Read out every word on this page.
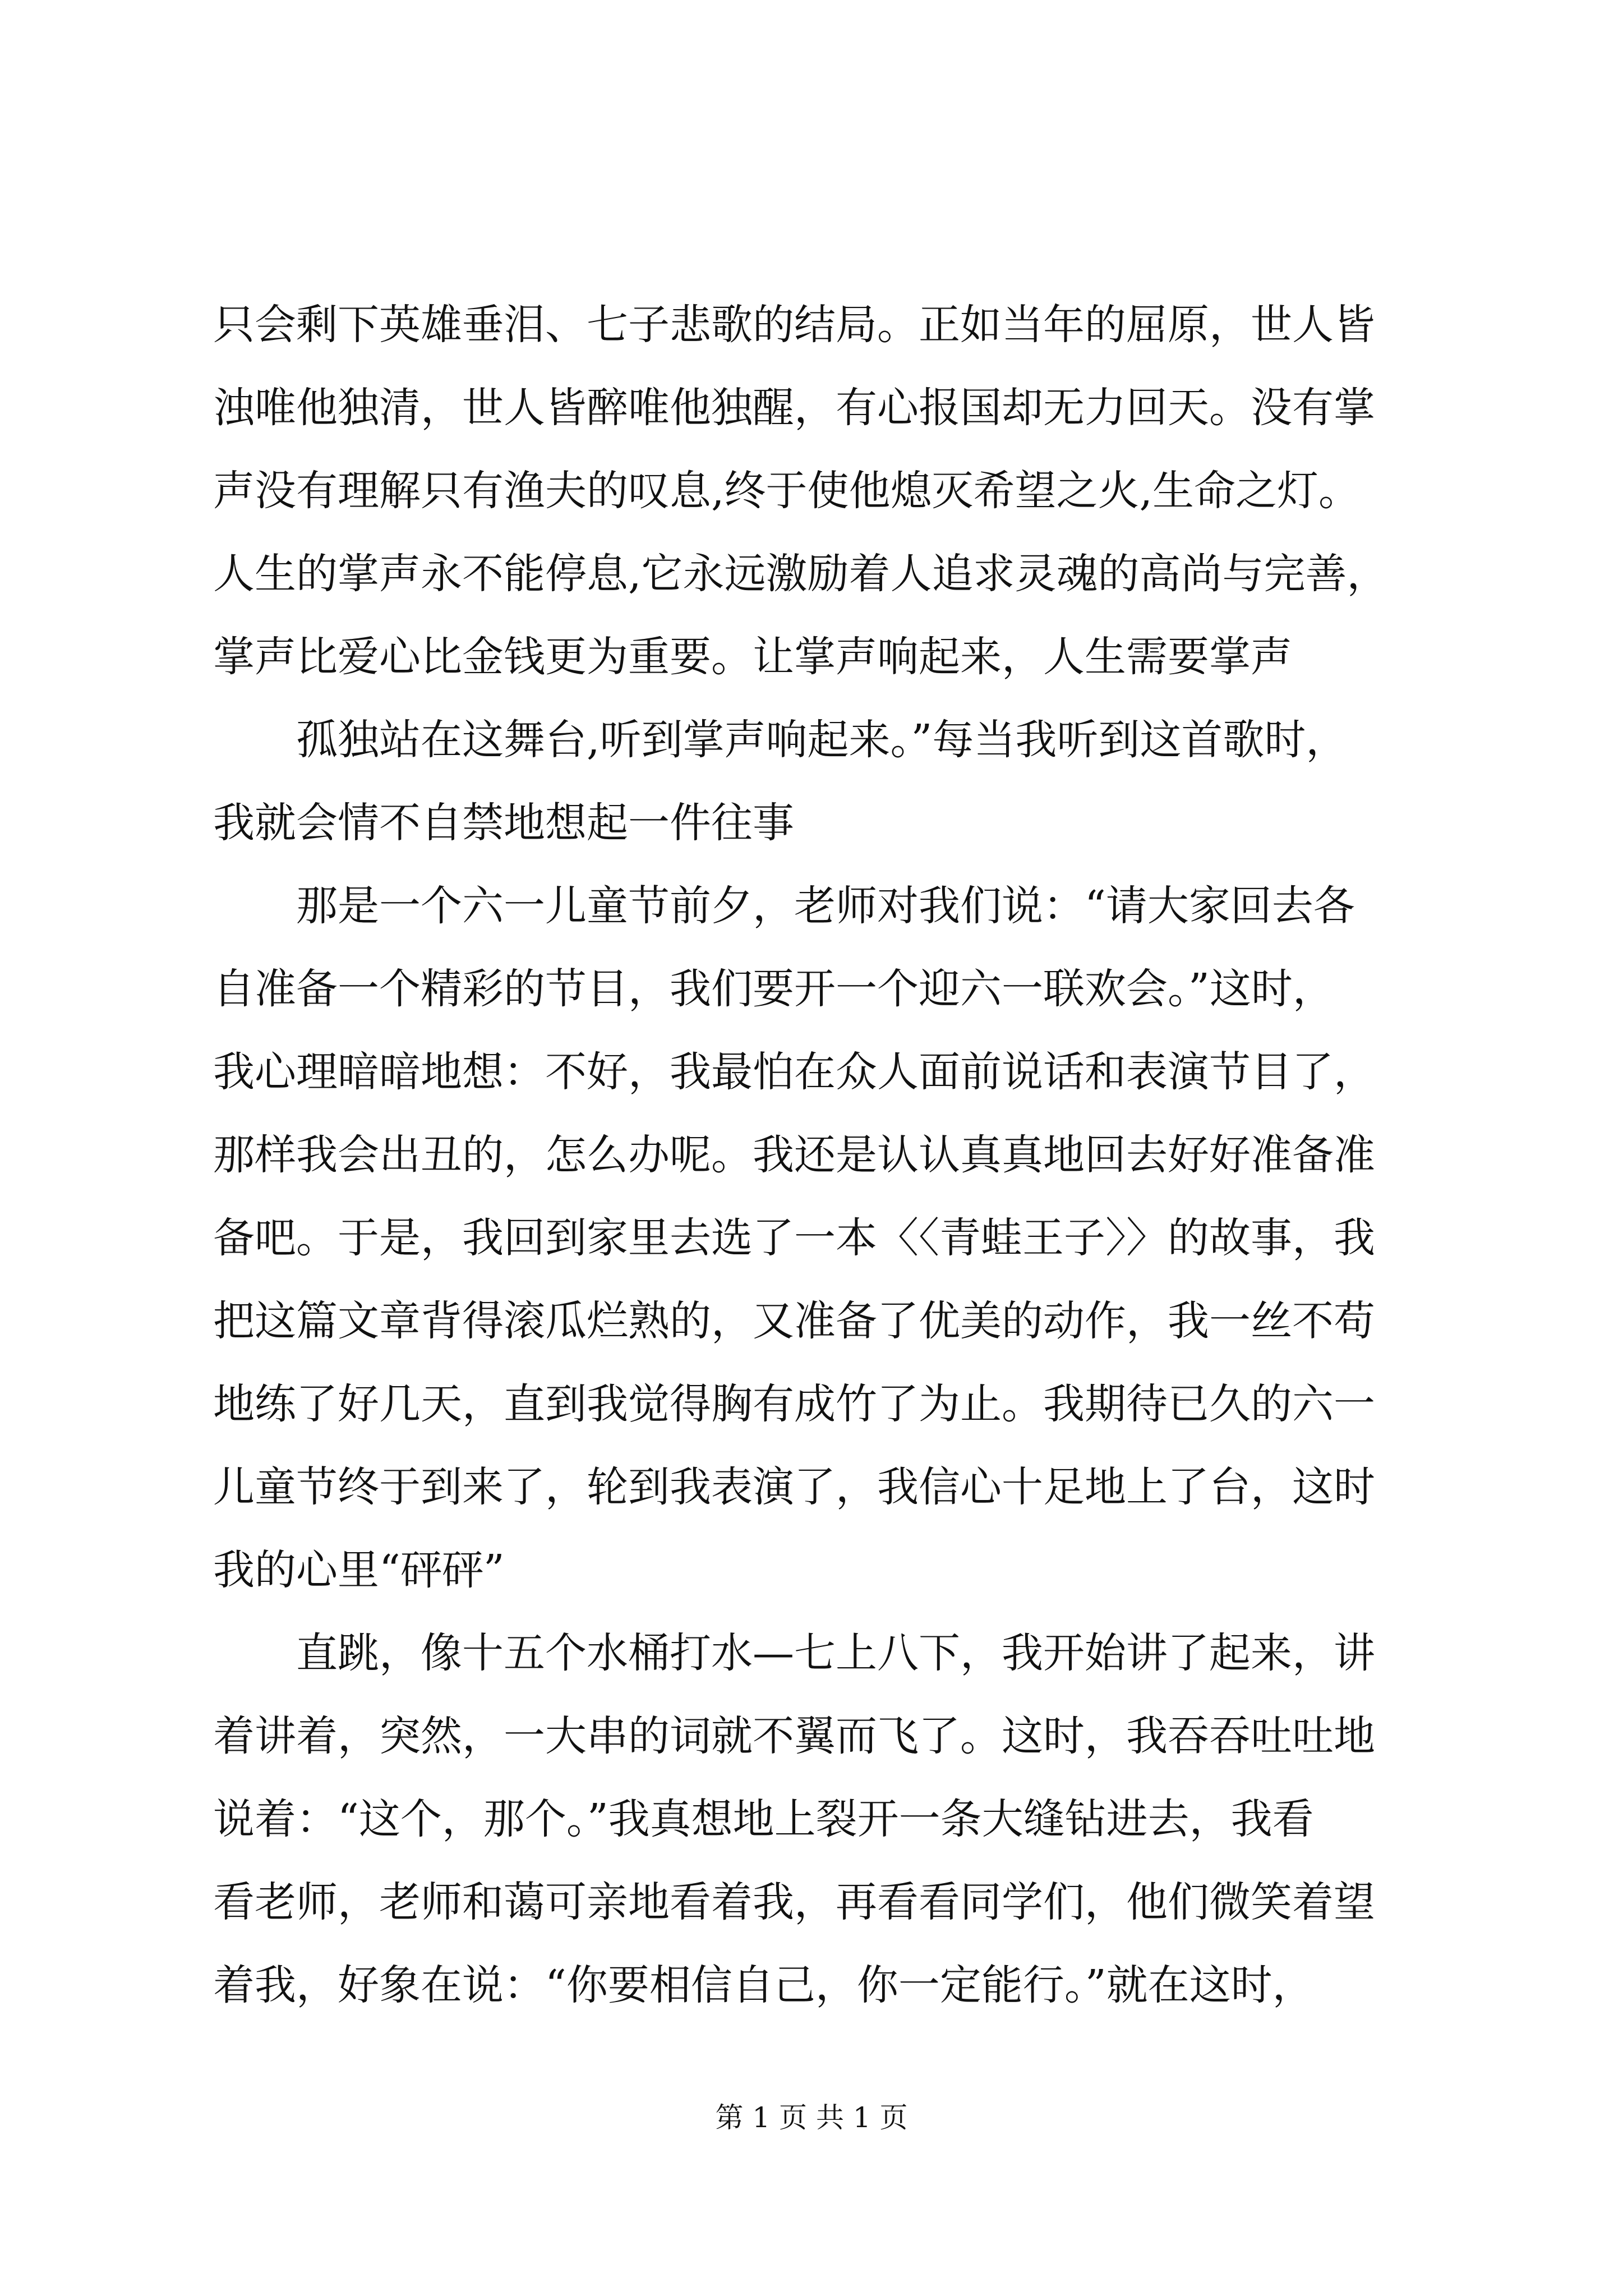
只会剩下英雄垂泪、七子悲歌的结局。正如当年的屈原，世人皆
浊唯他独清，世人皆醉唯他独醒，有心报国却无力回天。没有掌
声没有理解只有渔夫的叹息,终于使他熄灭希望之火,生命之灯。
人生的掌声永不能停息,它永远激励着人追求灵魂的高尚与完善，
掌声比爱心比金钱更为重要。让掌声响起来，人生需要掌声
孤独站在这舞台,听到掌声响起来。”每当我听到这首歌时，
我就会情不自禁地想起一件往事
那是一个六一儿童节前夕，老师对我们说：“请大家回去各
自准备一个精彩的节目，我们要开一个迎六一联欢会。”这时，
我心理暗暗地想：不好，我最怕在众人面前说话和表演节目了，
那样我会出丑的，怎么办呢。我还是认认真真地回去好好准备准
备吧。于是，我回到家里去选了一本〈〈青蛙王子〉〉的故事，我
把这篇文章背得滚瓜烂熟的，又准备了优美的动作，我一丝不苟
地练了好几天，直到我觉得胸有成竹了为止。我期待已久的六一
儿童节终于到来了，轮到我表演了，我信心十足地上了台，这时
我的心里“砰砰”
直跳，像十五个水桶打水—七上八下，我开始讲了起来，讲
着讲着，突然，一大串的词就不翼而飞了。这时，我吞吞吐吐地
说着：“这个，那个。”我真想地上裂开一条大缝钻进去，我看
看老师，老师和蔼可亲地看着我，再看看同学们，他们微笑着望
着我，好象在说：“你要相信自己，你一定能行。”就在这时，
第 1 页 共 1 页
